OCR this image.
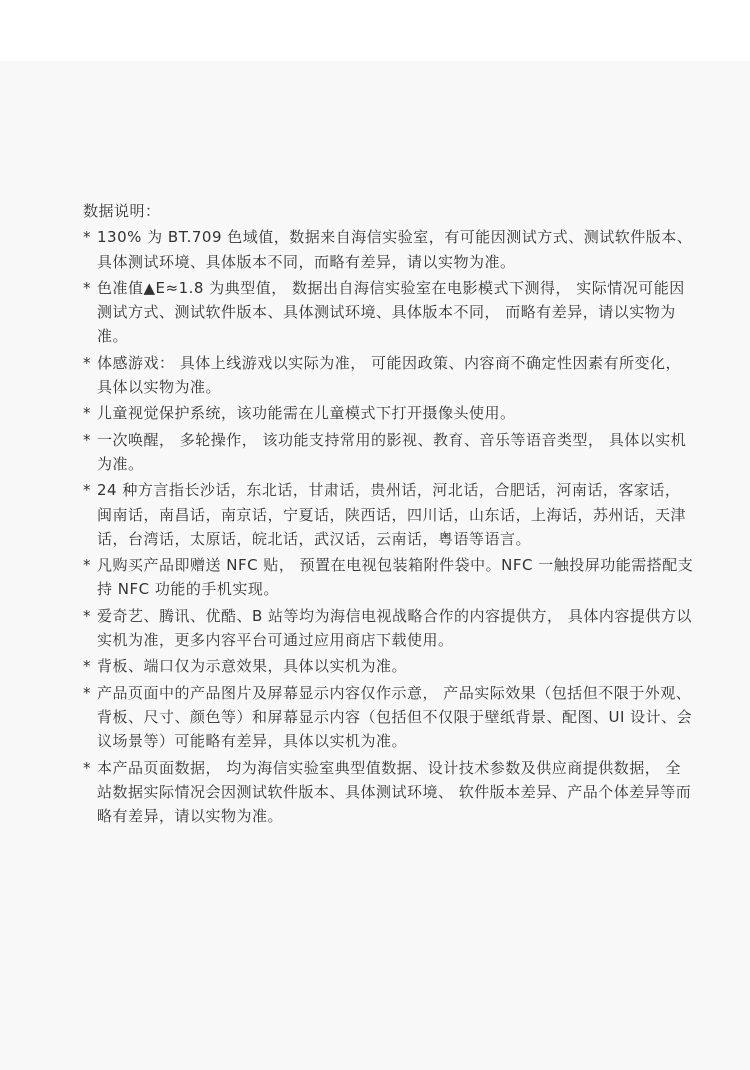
数据说明：
* 130% 为 BT.709 色域值，数据来自海信实验室，有可能因测试方式、测试软件版本、具体测试环境、具体版本不同，而略有差异，请以实物为准。
* 色准值▲E≈1.8 为典型值， 数据出自海信实验室在电影模式下测得， 实际情况可能因测试方式、测试软件版本、具体测试环境、具体版本不同， 而略有差异，请以实物为准。
* 体感游戏： 具体上线游戏以实际为准， 可能因政策、内容商不确定性因素有所变化，具体以实物为准。
* 儿童视觉保护系统，该功能需在儿童模式下打开摄像头使用。
* 一次唤醒， 多轮操作， 该功能支持常用的影视、教育、音乐等语音类型， 具体以实机为准。
* 24 种方言指长沙话，东北话，甘肃话，贵州话，河北话，合肥话，河南话，客家话，闽南话，南昌话，南京话，宁夏话，陕西话，四川话，山东话，上海话，苏州话，天津话，台湾话，太原话，皖北话，武汉话，云南话，粤语等语言。
* 凡购买产品即赠送 NFC 贴， 预置在电视包装箱附件袋中。NFC 一触投屏功能需搭配支持 NFC 功能的手机实现。
* 爱奇艺、腾讯、优酷、B 站等均为海信电视战略合作的内容提供方， 具体内容提供方以实机为准，更多内容平台可通过应用商店下载使用。
* 背板、端口仅为示意效果，具体以实机为准。
* 产品页面中的产品图片及屏幕显示内容仅作示意， 产品实际效果（包括但不限于外观、背板、尺寸、颜色等）和屏幕显示内容（包括但不仅限于壁纸背景、配图、UI 设计、会议场景等）可能略有差异，具体以实机为准。
* 本产品页面数据， 均为海信实验室典型值数据、设计技术参数及供应商提供数据， 全站数据实际情况会因测试软件版本、具体测试环境、 软件版本差异、产品个体差异等而略有差异，请以实物为准。
